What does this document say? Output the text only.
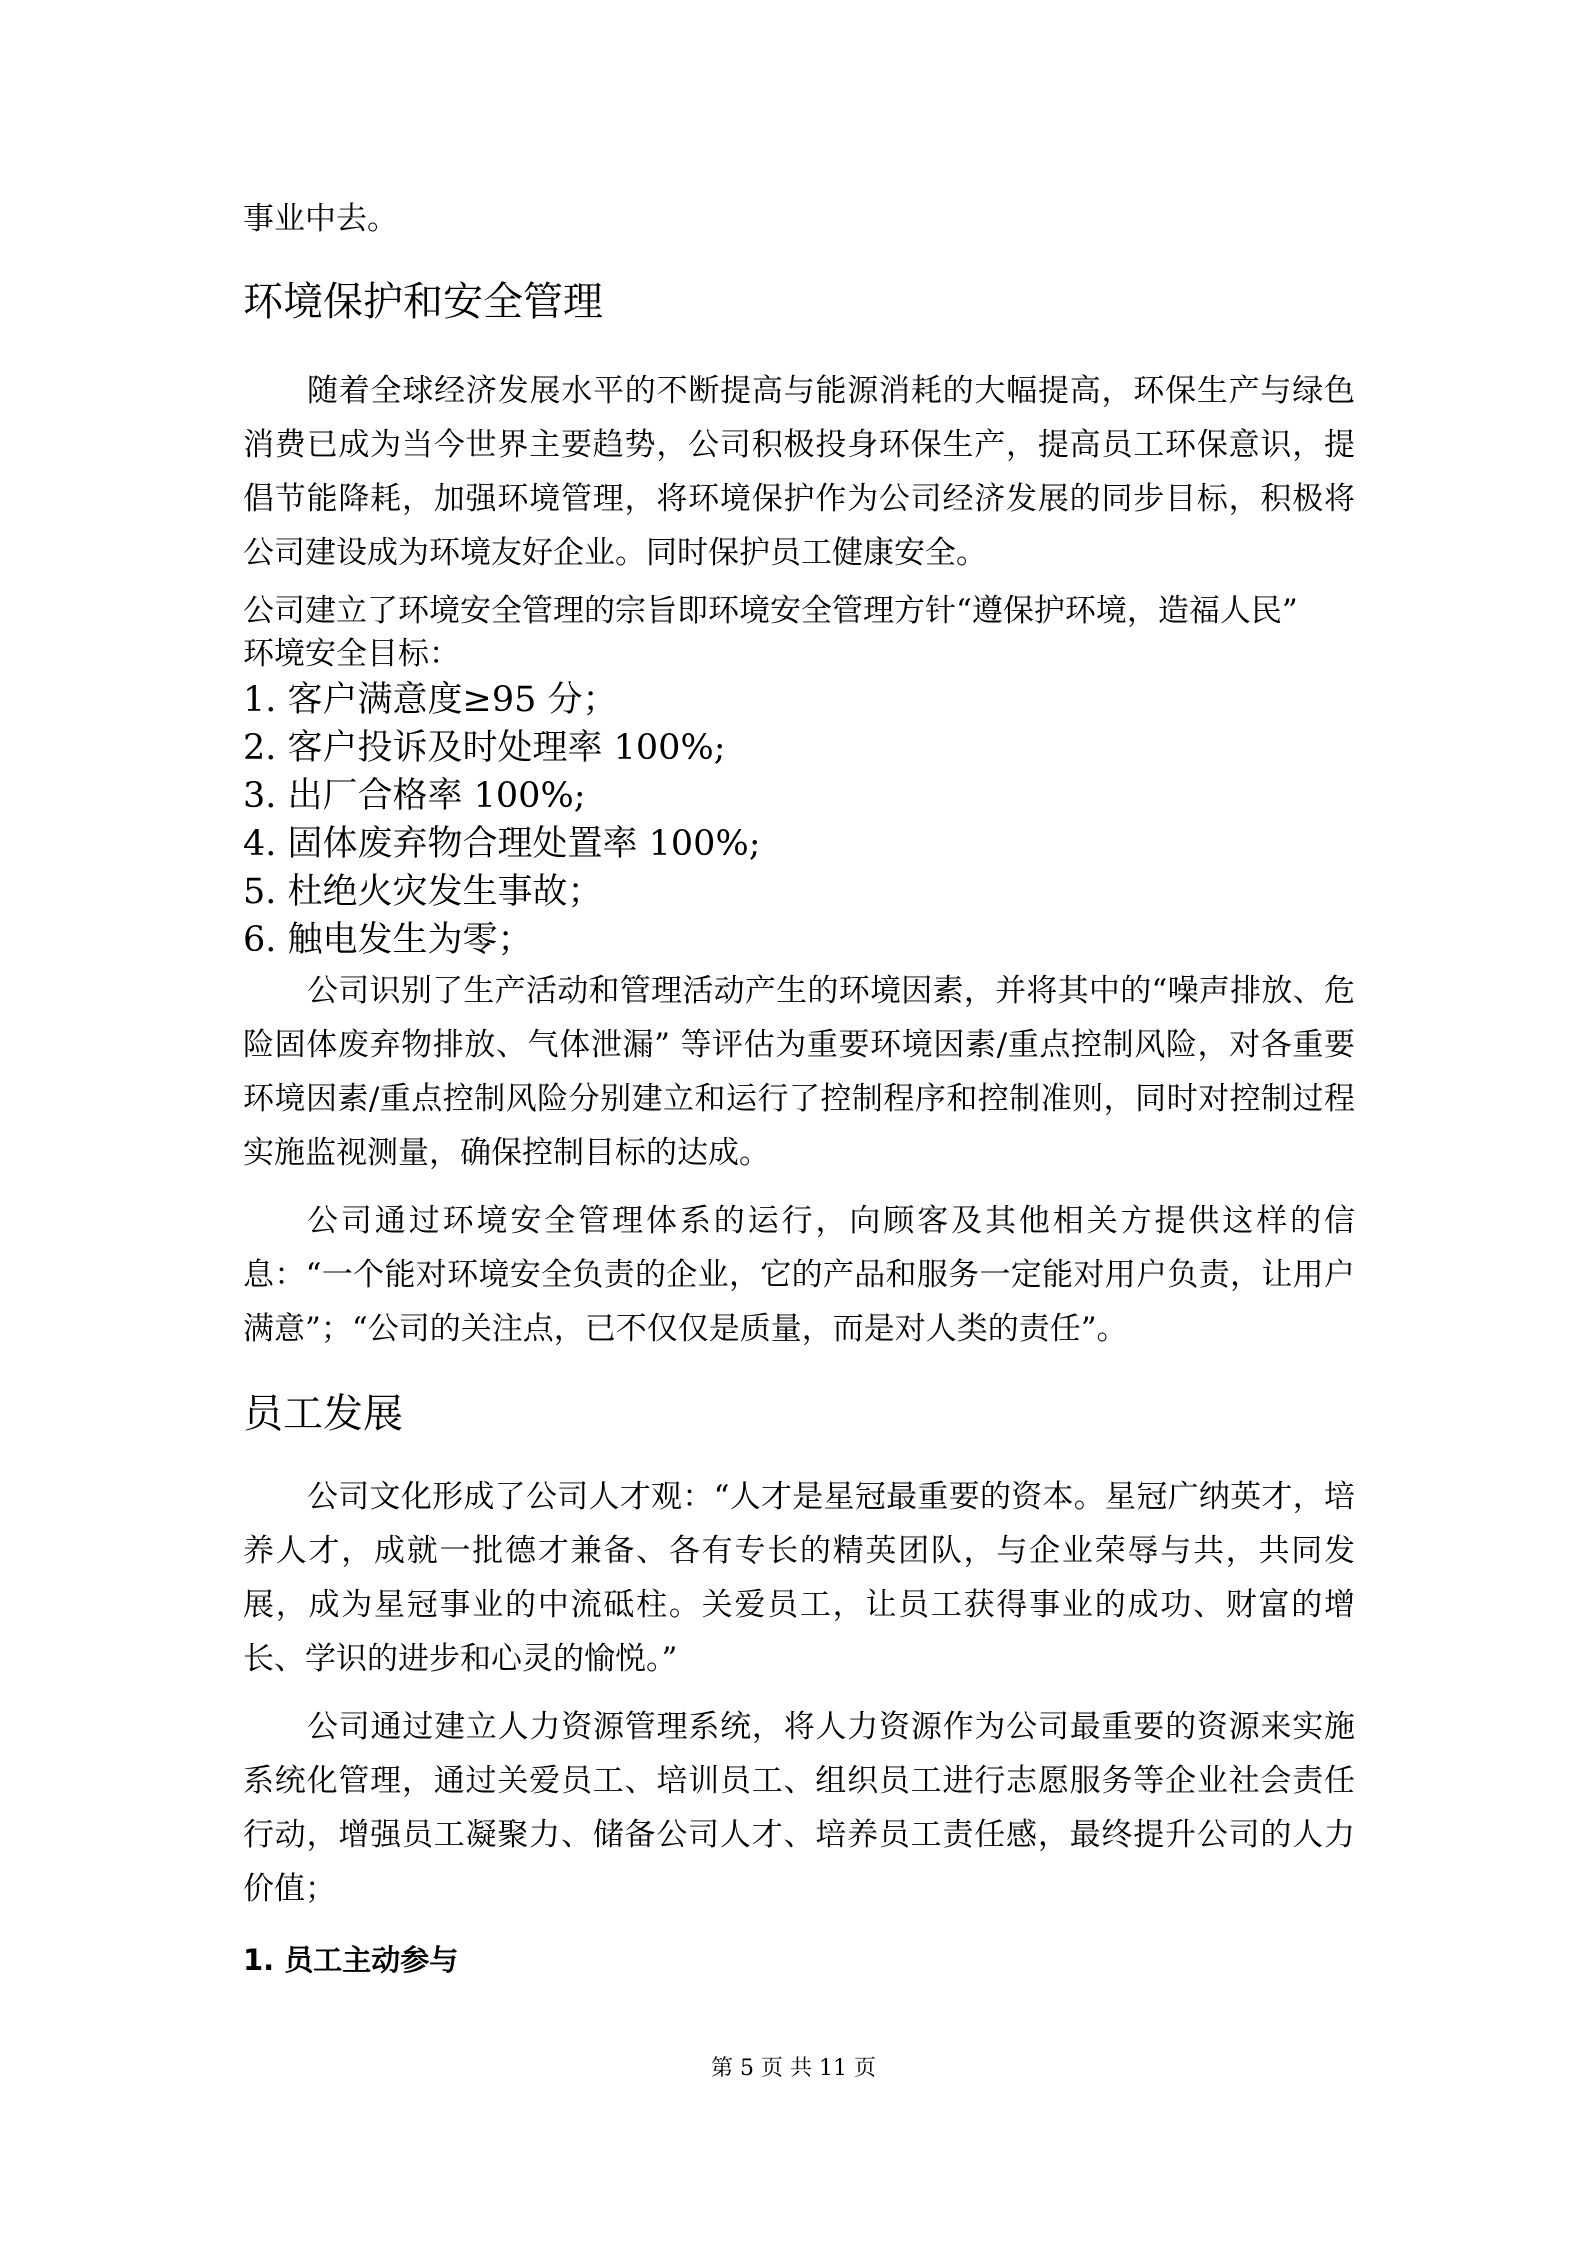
事业中去。

环境保护和安全管理

随着全球经济发展水平的不断提高与能源消耗的大幅提高，环保生产与绿色消费已成为当今世界主要趋势，公司积极投身环保生产，提高员工环保意识，提倡节能降耗，加强环境管理，将环境保护作为公司经济发展的同步目标，积极将公司建设成为环境友好企业。同时保护员工健康安全。

公司建立了环境安全管理的宗旨即环境安全管理方针“遵保护环境，造福人民”

环境安全目标：

1. 客户满意度≥95 分；

2. 客户投诉及时处理率 100%;

3. 出厂合格率 100%;

4. 固体废弃物合理处置率 100%;

5. 杜绝火灾发生事故；

6. 触电发生为零；

公司识别了生产活动和管理活动产生的环境因素，并将其中的“噪声排放、危险固体废弃物排放、气体泄漏” 等评估为重要环境因素/重点控制风险，对各重要环境因素/重点控制风险分别建立和运行了控制程序和控制准则，同时对控制过程实施监视测量，确保控制目标的达成。

公司通过环境安全管理体系的运行，向顾客及其他相关方提供这样的信息：“一个能对环境安全负责的企业，它的产品和服务一定能对用户负责，让用户满意”；“公司的关注点，已不仅仅是质量，而是对人类的责任”。

员工发展

公司文化形成了公司人才观：“人才是星冠最重要的资本。星冠广纳英才，培养人才，成就一批德才兼备、各有专长的精英团队，与企业荣辱与共，共同发展，成为星冠事业的中流砥柱。关爱员工，让员工获得事业的成功、财富的增长、学识的进步和心灵的愉悦。”

公司通过建立人力资源管理系统，将人力资源作为公司最重要的资源来实施系统化管理，通过关爱员工、培训员工、组织员工进行志愿服务等企业社会责任行动，增强员工凝聚力、储备公司人才、培养员工责任感，最终提升公司的人力价值；

1. 员工主动参与

第 5 页 共 11 页
